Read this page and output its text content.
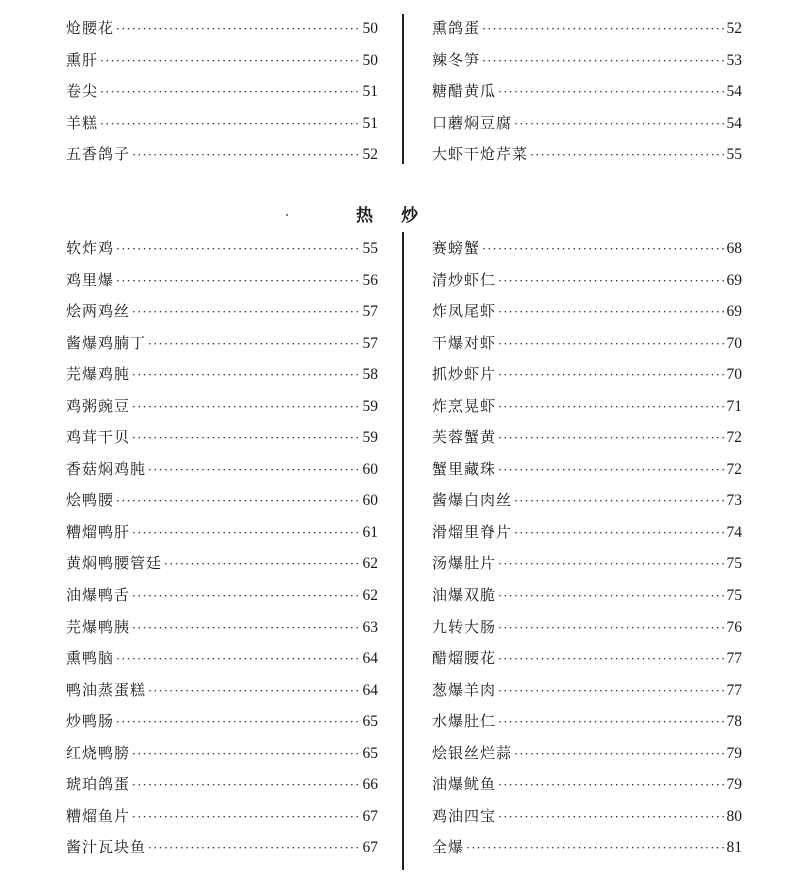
炝腰花 ·····	50
熏肝 ·····	50
卷尖 ·····	51
羊糕 ·····	51
五香鸽子 ·····	52
熏鸽蛋 ·····	52
辣冬笋 ·····	53
糖醋黄瓜 ·····	54
口蘑焖豆腐 ·····	54
大虾干炝芹菜 ·····	55
热炒
软炸鸡 ·····	55
鸡里爆 ·····	56
烩两鸡丝 ·····	57
酱爆鸡腩丁 ·····	57
芫爆鸡肫 ·····	58
鸡粥豌豆 ·····	59
鸡茸干贝 ·····	59
香菇焖鸡肫 ·····	60
烩鸭腰 ·····	60
糟熘鸭肝 ·····	61
黄焖鸭腰管廷 ·····	62
油爆鸭舌 ·····	62
芫爆鸭胰 ·····	63
熏鸭脑 ·····	64
鸭油蒸蛋糕 ·····	64
炒鸭肠 ·····	65
红烧鸭膀 ·····	65
琥珀鸽蛋 ·····	66
糟熘鱼片 ·····	67
酱汁瓦块鱼 ·····	67
赛螃蟹 ·····	68
清炒虾仁 ·····	69
炸凤尾虾 ·····	69
干爆对虾 ·····	70
抓炒虾片 ·····	70
炸烹晃虾 ·····	71
芙蓉蟹黄 ·····	72
蟹里藏珠 ·····	72
酱爆白肉丝 ·····	73
滑熘里脊片 ·····	74
汤爆肚片 ·····	75
油爆双脆 ·····	75
九转大肠 ·····	76
醋熘腰花 ·····	77
葱爆羊肉 ·····	77
水爆肚仁 ·····	78
烩银丝烂蒜 ·····	79
油爆鱿鱼 ·····	79
鸡油四宝 ·····	80
全爆 ·····	81
